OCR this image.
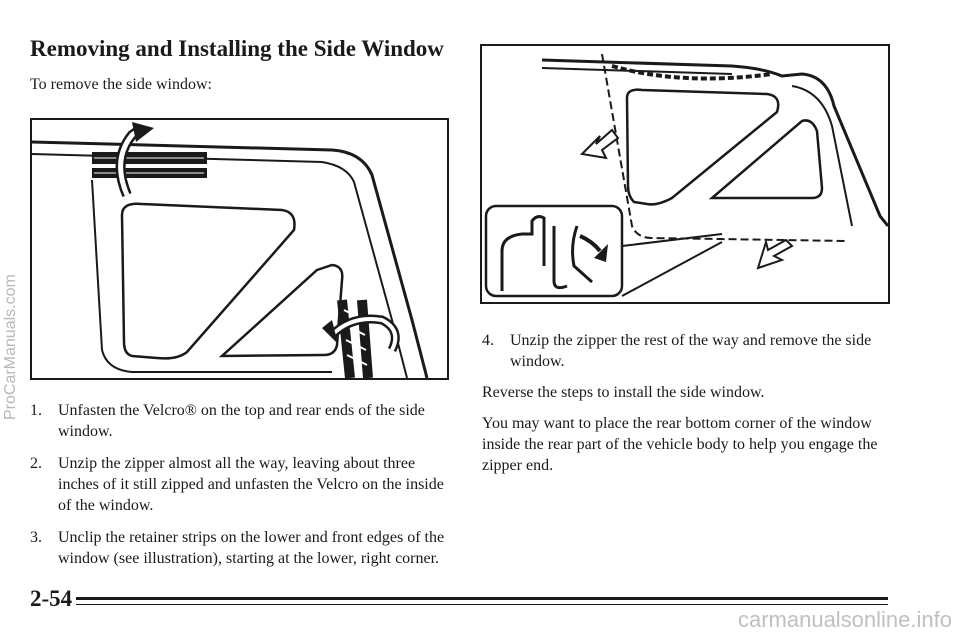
ProCarManuals.com
Removing and Installing the Side Window
To remove the side window:
1. Unfasten the Velcro® on the top and rear ends of the side window.
2. Unzip the zipper almost all the way, leaving about three inches of it still zipped and unfasten the Velcro on the inside of the window.
3. Unclip the retainer strips on the lower and front edges of the window (see illustration), starting at the lower, right corner.
4. Unzip the zipper the rest of the way and remove the side window.

Reverse the steps to install the side window.

You may want to place the rear bottom corner of the window inside the rear part of the vehicle body to help you engage the zipper end.

2-54
carmanualsonline.info
